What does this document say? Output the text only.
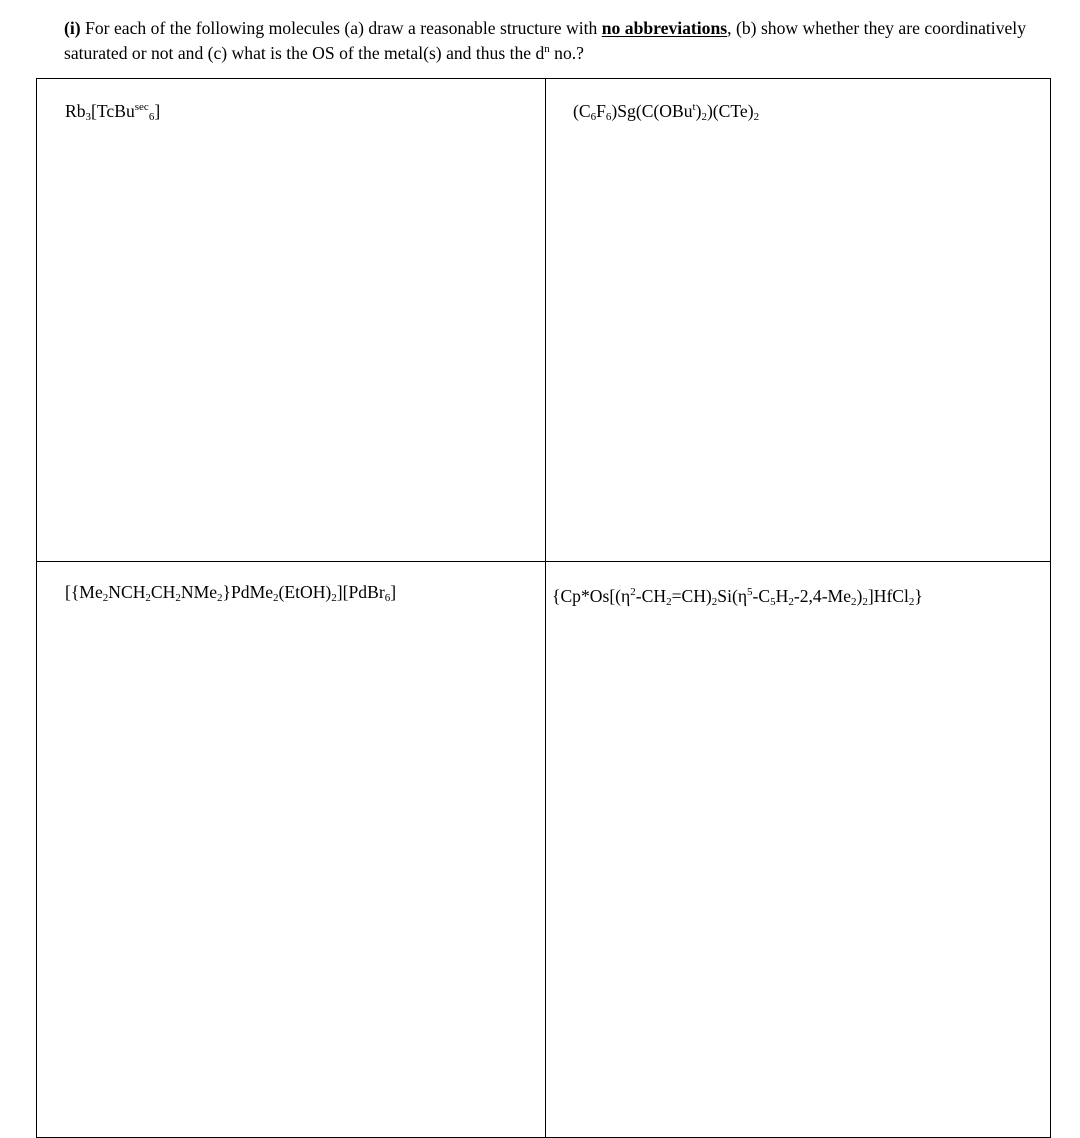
(i) For each of the following molecules (a) draw a reasonable structure with no abbreviations, (b) show whether they are coordinatively saturated or not and (c) what is the OS of the metal(s) and thus the $d^n$ no.?
$Rb_3[TcBu^{sec}_6]$	$(C_6F_6)Sg(C(OBu^t)_2)(CTe)_2$
$[\{Me_2NCH_2CH_2NMe_2\}PdMe_2(EtOH)_2][PdBr_6]$	$\{Cp*Os[(\eta^2-CH_2=CH)_2Si(\eta^5-C_5H_2-2,4-Me_2)_2]HfCl_2\}$
